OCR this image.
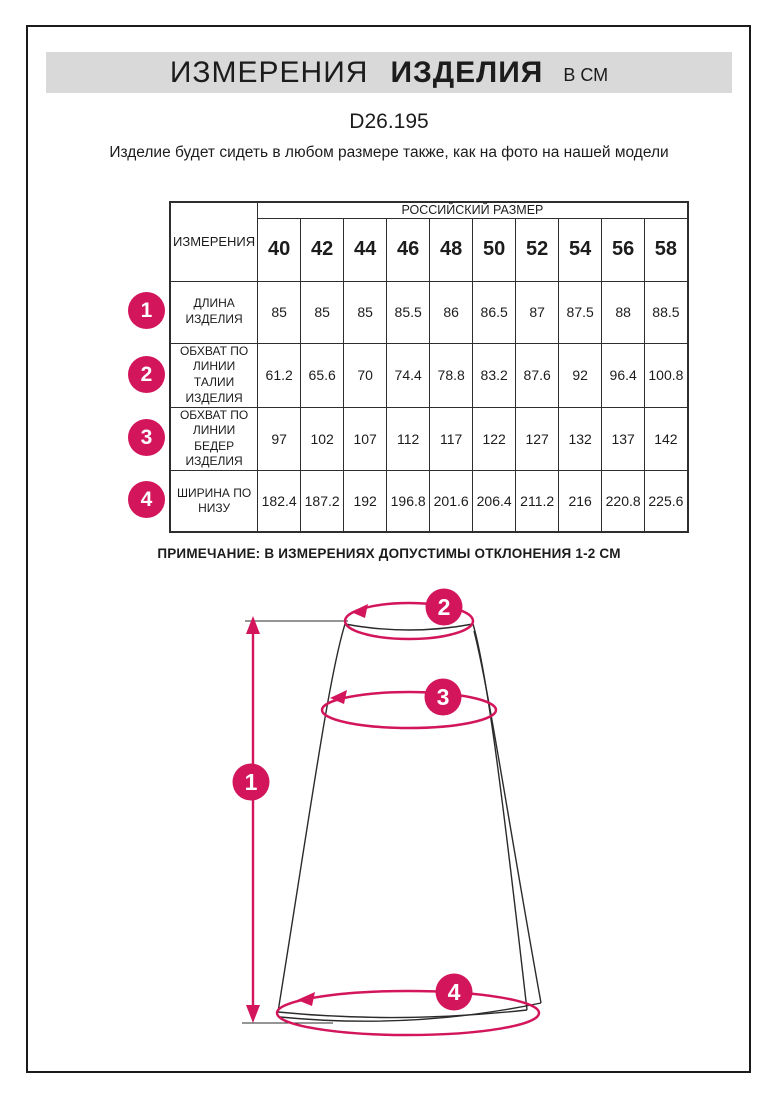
ИЗМЕРЕНИЯ ИЗДЕЛИЯ В СМ
D26.195
Изделие будет сидеть в любом размере также, как на фото на нашей модели
ИЗМЕРЕНИЯ	РОССИЙСКИЙ РАЗМЕР									
	40	42	44	46	48	50	52	54	56	58
ДЛИНА ИЗДЕЛИЯ	85	85	85	85.5	86	86.5	87	87.5	88	88.5
ОБХВАТ ПО ЛИНИИ ТАЛИИ ИЗДЕЛИЯ	61.2	65.6	70	74.4	78.8	83.2	87.6	92	96.4	100.8
ОБХВАТ ПО ЛИНИИ БЕДЕР ИЗДЕЛИЯ	97	102	107	112	117	122	127	132	137	142
ШИРИНА ПО НИЗУ	182.4	187.2	192	196.8	201.6	206.4	211.2	216	220.8	225.6
1
2
3
4
ПРИМЕЧАНИЕ: В ИЗМЕРЕНИЯХ ДОПУСТИМЫ ОТКЛОНЕНИЯ 1-2 СМ
1
2
3
4
